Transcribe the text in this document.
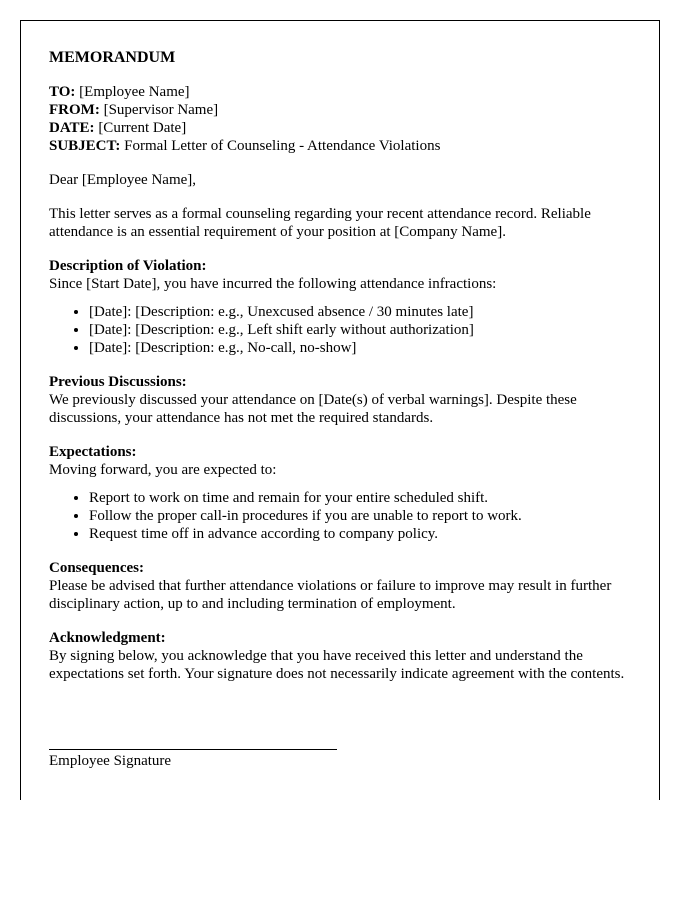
MEMORANDUM
TO: [Employee Name]
FROM: [Supervisor Name]
DATE: [Current Date]
SUBJECT: Formal Letter of Counseling - Attendance Violations

Dear [Employee Name],

This letter serves as a formal counseling regarding your recent attendance record. Reliable attendance is an essential requirement of your position at [Company Name].

Description of Violation:
Since [Start Date], you have incurred the following attendance infractions:
• [Date]: [Description: e.g., Unexcused absence / 30 minutes late]
• [Date]: [Description: e.g., Left shift early without authorization]
• [Date]: [Description: e.g., No-call, no-show]
Previous Discussions:
We previously discussed your attendance on [Date(s) of verbal warnings]. Despite these discussions, your attendance has not met the required standards.
Expectations:
Moving forward, you are expected to:
• Report to work on time and remain for your entire scheduled shift.
• Follow the proper call-in procedures if you are unable to report to work.
• Request time off in advance according to company policy.
Consequences:
Please be advised that further attendance violations or failure to improve may result in further disciplinary action, up to and including termination of employment.
Acknowledgment:
By signing below, you acknowledge that you have received this letter and understand the expectations set forth. Your signature does not necessarily indicate agreement with the contents.
Employee Signature
